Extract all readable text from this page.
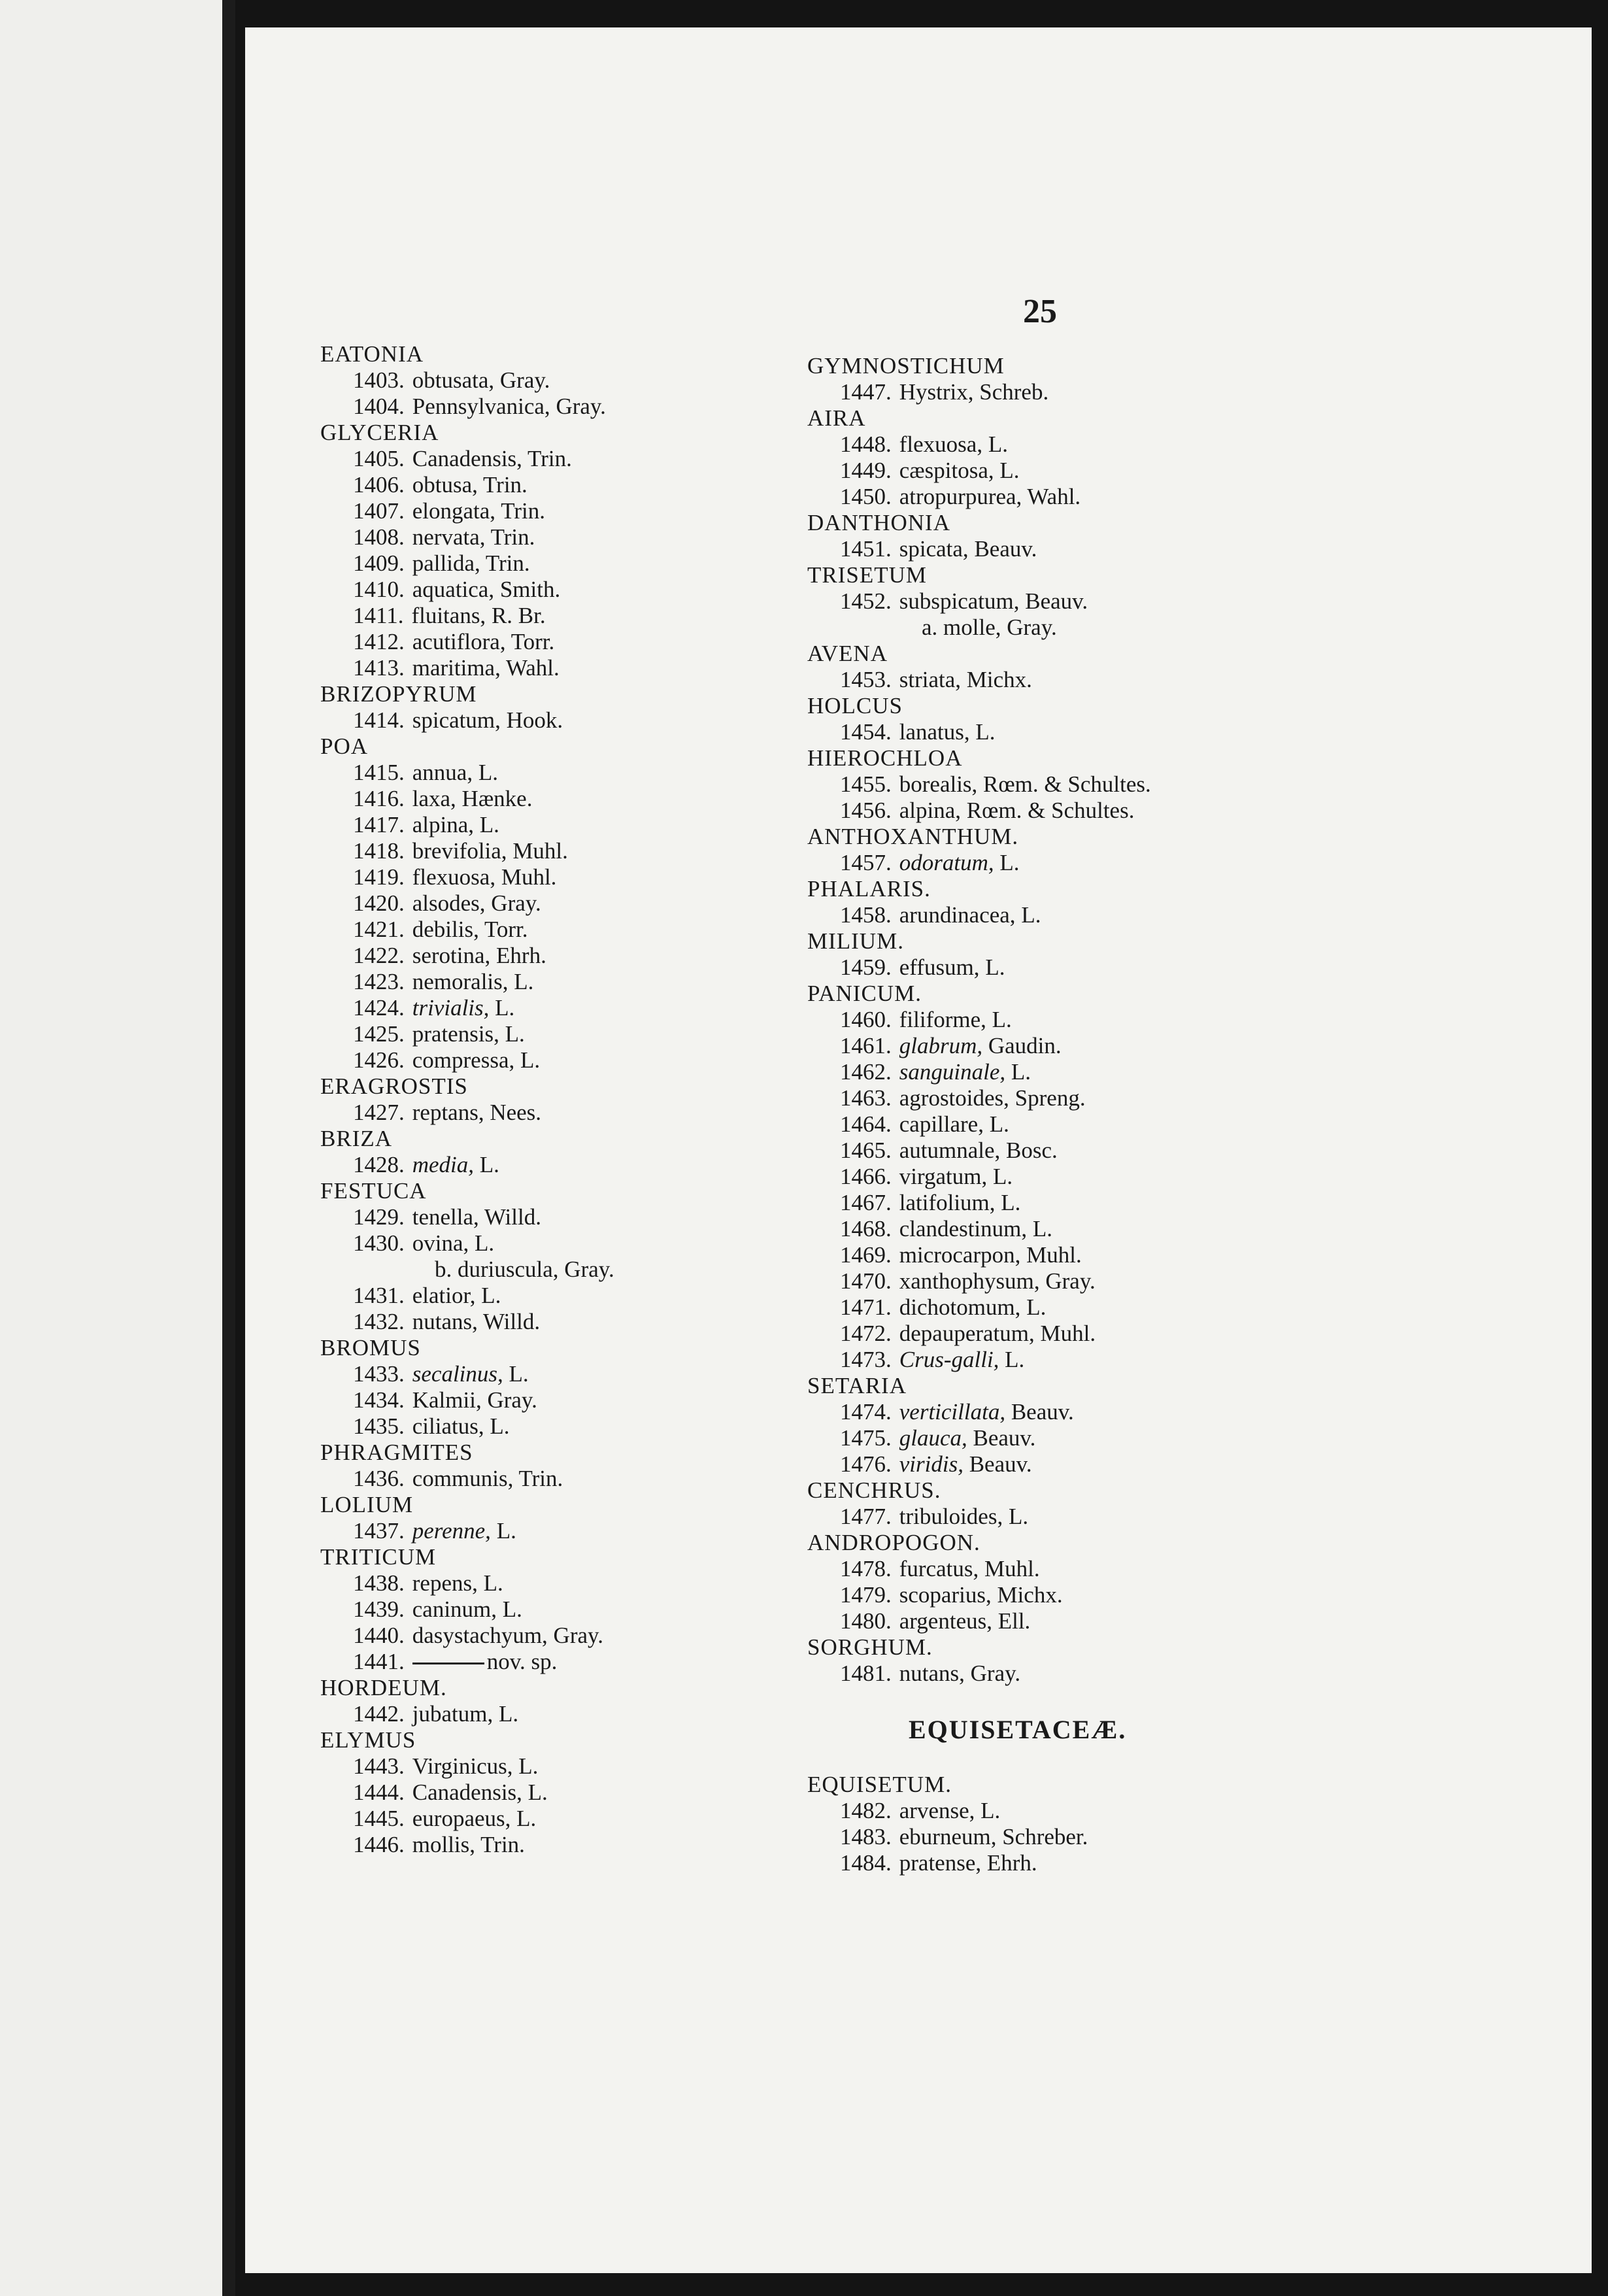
25

EATONIA
1403. obtusata, Gray.
1404. Pennsylvanica, Gray.
GLYCERIA
1405. Canadensis, Trin.
1406. obtusa, Trin.
1407. elongata, Trin.
1408. nervata, Trin.
1409. pallida, Trin.
1410. aquatica, Smith.
1411. fluitans, R. Br.
1412. acutiflora, Torr.
1413. maritima, Wahl.
BRIZOPYRUM
1414. spicatum, Hook.
POA
1415. annua, L.
1416. laxa, Hænke.
1417. alpina, L.
1418. brevifolia, Muhl.
1419. flexuosa, Muhl.
1420. alsodes, Gray.
1421. debilis, Torr.
1422. serotina, Ehrh.
1423. nemoralis, L.
1424. trivialis, L.
1425. pratensis, L.
1426. compressa, L.
ERAGROSTIS
1427. reptans, Nees.
BRIZA
1428. media, L.
FESTUCA
1429. tenella, Willd.
1430. ovina, L.
b. duriuscula, Gray.
1431. elatior, L.
1432. nutans, Willd.
BROMUS
1433. secalinus, L.
1434. Kalmii, Gray.
1435. ciliatus, L.
PHRAGMITES
1436. communis, Trin.
LOLIUM
1437. perenne, L.
TRITICUM
1438. repens, L.
1439. caninum, L.
1440. dasystachyum, Gray.
1441.	nov. sp.
HORDEUM.
1442. jubatum, L.
ELYMUS
1443. Virginicus, L.
1444. Canadensis, L.
1445. europaeus, L.
1446. mollis, Trin.
GYMNOSTICHUM
1447. Hystrix, Schreb.
AIRA
1448. flexuosa, L.
1449. cæspitosa, L.
1450. atropurpurea, Wahl.
DANTHONIA
1451. spicata, Beauv.
TRISETUM
1452. subspicatum, Beauv.
a. molle, Gray.
AVENA
1453. striata, Michx.
HOLCUS
1454. lanatus, L.
HIEROCHLOA
1455. borealis, Rœm. & Schultes.
1456. alpina, Rœm. & Schultes.
ANTHOXANTHUM.
1457. odoratum, L.
PHALARIS.
1458. arundinacea, L.
MILIUM.
1459. effusum, L.
PANICUM.
1460. filiforme, L.
1461. glabrum, Gaudin.
1462. sanguinale, L.
1463. agrostoides, Spreng.
1464. capillare, L.
1465. autumnale, Bosc.
1466. virgatum, L.
1467. latifolium, L.
1468. clandestinum, L.
1469. microcarpon, Muhl.
1470. xanthophysum, Gray.
1471. dichotomum, L.
1472. depauperatum, Muhl.
1473. Crus-galli, L.
SETARIA
1474. verticillata, Beauv.
1475. glauca, Beauv.
1476. viridis, Beauv.
CENCHRUS.
1477. tribuloides, L.
ANDROPOGON.
1478. furcatus, Muhl.
1479. scoparius, Michx.
1480. argenteus, Ell.
SORGHUM.
1481. nutans, Gray.
EQUISETACEÆ.
EQUISETUM.
1482. arvense, L.
1483. eburneum, Schreber.
1484. pratense, Ehrh.
